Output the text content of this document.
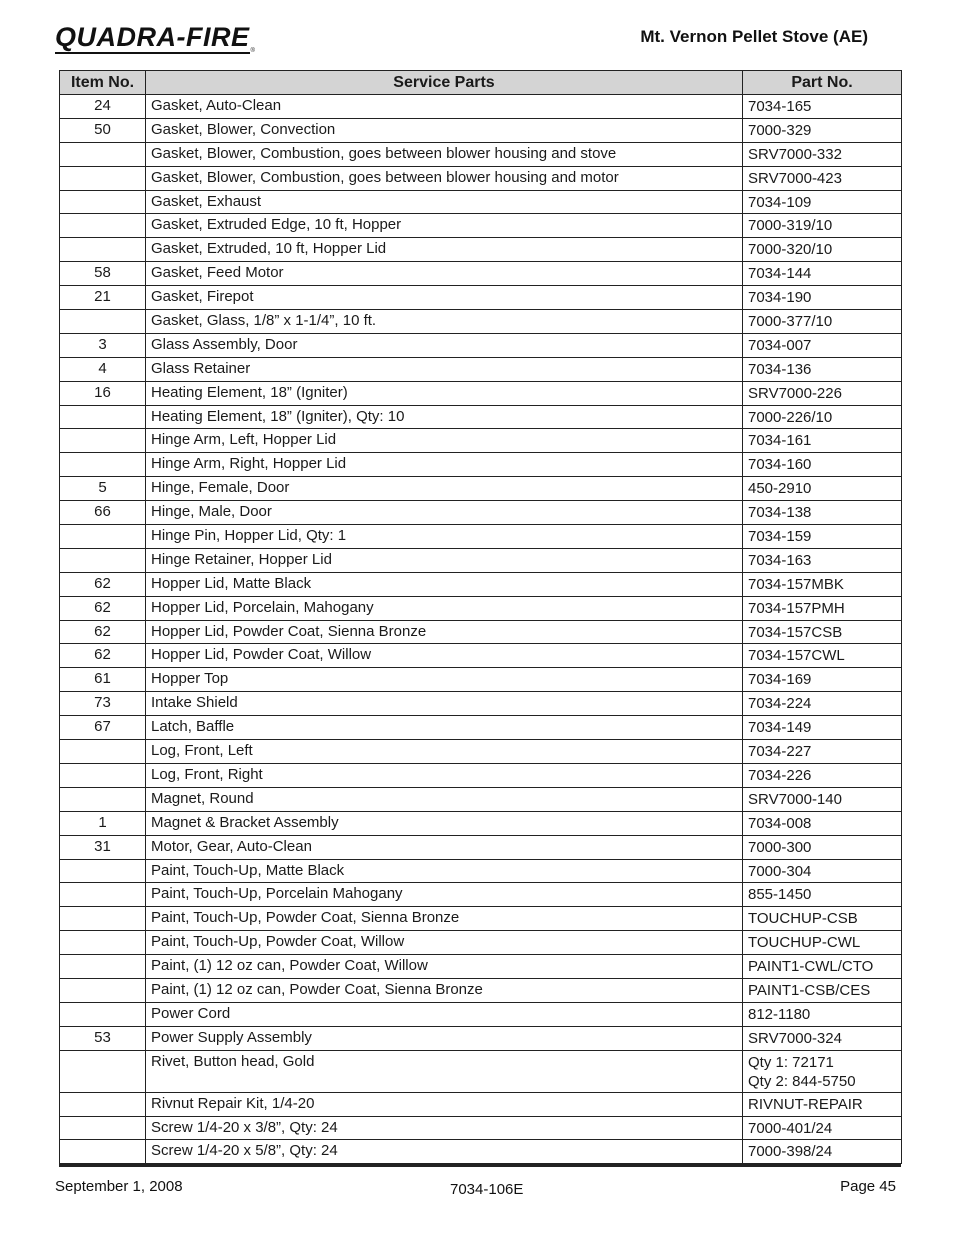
QUADRA-FIRE ®
Mt. Vernon Pellet Stove (AE)
Item No.	Service Parts	Part No.
24	Gasket, Auto-Clean	7034-165

50	Gasket, Blower, Convection	7000-329

	Gasket, Blower, Combustion, goes between blower housing and stove	SRV7000-332

	Gasket, Blower, Combustion, goes between blower housing and motor	SRV7000-423

	Gasket, Exhaust	7034-109

	Gasket, Extruded Edge, 10 ft, Hopper	7000-319/10

	Gasket, Extruded, 10 ft, Hopper Lid	7000-320/10

58	Gasket, Feed Motor	7034-144

21	Gasket, Firepot	7034-190

	Gasket, Glass, 1/8” x 1-1/4”, 10 ft.	7000-377/10

3	Glass Assembly, Door	7034-007

4	Glass Retainer	7034-136

16	Heating Element, 18” (Igniter)	SRV7000-226

	Heating Element, 18” (Igniter), Qty: 10	7000-226/10

	Hinge Arm, Left, Hopper Lid	7034-161

	Hinge Arm, Right, Hopper Lid	7034-160

5	Hinge, Female, Door	450-2910

66	Hinge, Male, Door	7034-138

	Hinge Pin, Hopper Lid, Qty: 1	7034-159

	Hinge Retainer, Hopper Lid	7034-163

62	Hopper Lid, Matte Black	7034-157MBK

62	Hopper Lid, Porcelain, Mahogany	7034-157PMH

62	Hopper Lid, Powder Coat, Sienna Bronze	7034-157CSB

62	Hopper Lid, Powder Coat, Willow	7034-157CWL

61	Hopper Top	7034-169

73	Intake Shield	7034-224

67	Latch, Baffle	7034-149

	Log, Front, Left	7034-227

	Log, Front, Right	7034-226

	Magnet, Round	SRV7000-140

1	Magnet & Bracket Assembly	7034-008

31	Motor, Gear, Auto-Clean	7000-300

	Paint, Touch-Up, Matte Black	7000-304

	Paint, Touch-Up, Porcelain Mahogany	855-1450

	Paint, Touch-Up, Powder Coat, Sienna Bronze	TOUCHUP-CSB

	Paint, Touch-Up, Powder Coat, Willow	TOUCHUP-CWL

	Paint, (1) 12 oz can, Powder Coat, Willow	PAINT1-CWL/CTO

	Paint, (1) 12 oz can, Powder Coat, Sienna Bronze	PAINT1-CSB/CES

	Power Cord	812-1180

53	Power Supply Assembly	SRV7000-324

	Rivet, Button head, Gold	Qty 1: 72171
Qty 2: 844-5750

	Rivnut Repair Kit, 1/4-20	RIVNUT-REPAIR

	Screw 1/4-20 x 3/8”, Qty: 24	7000-401/24

	Screw 1/4-20 x 5/8”, Qty: 24	7000-398/24
September 1, 2008	7034-106E	Page 45
